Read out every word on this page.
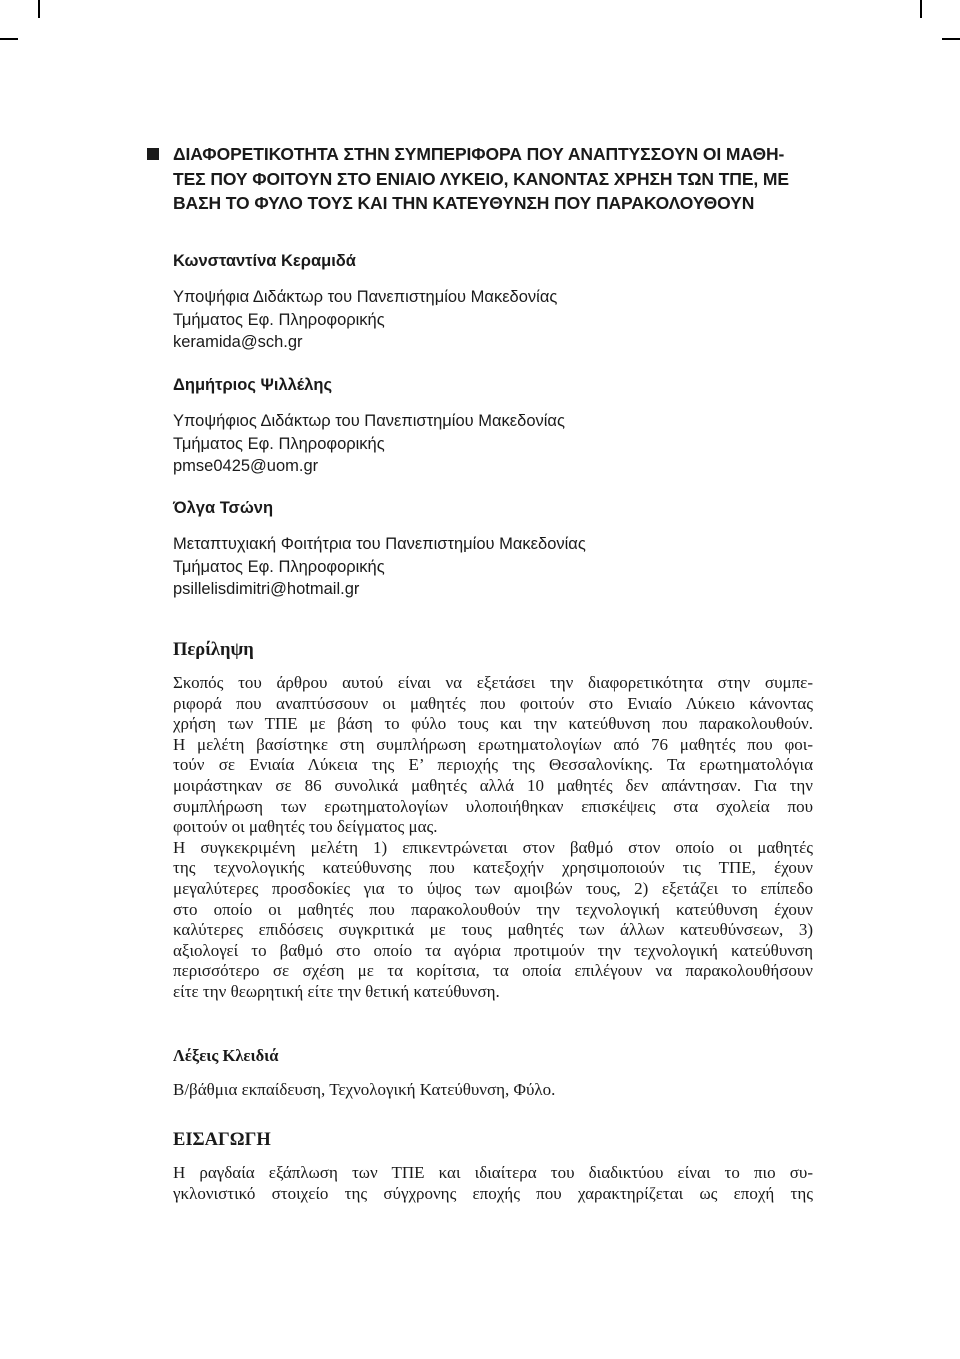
ΔΙΑΦΟΡΕΤΙΚΟΤΗΤΑ ΣΤΗΝ ΣΥΜΠΕΡΙΦΟΡΑ ΠΟΥ ΑΝΑΠΤΥΣΣΟΥΝ ΟΙ ΜΑΘΗ-
ΤΕΣ ΠΟΥ ΦΟΙΤΟΥΝ ΣΤΟ ΕΝΙΑΙΟ ΛΥΚΕΙΟ, ΚΑΝΟΝΤΑΣ ΧΡΗΣΗ ΤΩΝ ΤΠΕ, ΜΕ
ΒΑΣΗ ΤΟ ΦΥΛΟ ΤΟΥΣ ΚΑΙ ΤΗΝ ΚΑΤΕΥΘΥΝΣΗ ΠΟΥ ΠΑΡΑΚΟΛΟΥΘΟΥΝ
Κωνσταντίνα Κεραμιδά
Υποψήφια Διδάκτωρ του Πανεπιστημίου Μακεδονίας
Τμήματος Εφ. Πληροφορικής
keramida@sch.gr
Δημήτριος Ψιλλέλης
Υποψήφιος Διδάκτωρ του Πανεπιστημίου Μακεδονίας
Τμήματος Εφ. Πληροφορικής
pmse0425@uom.gr
Όλγα Τσώνη
Μεταπτυχιακή Φοιτήτρια του Πανεπιστημίου Μακεδονίας
Τμήματος Εφ. Πληροφορικής
psillelisdimitri@hotmail.gr
Περίληψη
Σκοπός του άρθρου αυτού είναι να εξετάσει την διαφορετικότητα στην συμπε-
ριφορά που αναπτύσσουν οι μαθητές που φοιτούν στο Ενιαίο Λύκειο κάνοντας
χρήση των ΤΠΕ με βάση το φύλο τους και την κατεύθυνση που παρακολουθούν.
Η μελέτη βασίστηκε στη συμπλήρωση ερωτηματολογίων από 76 μαθητές που φοι-
τούν σε Ενιαία Λύκεια της Ε’ περιοχής της Θεσσαλονίκης. Τα ερωτηματολόγια
μοιράστηκαν σε 86 συνολικά μαθητές αλλά 10 μαθητές δεν απάντησαν. Για την
συμπλήρωση των ερωτηματολογίων υλοποιήθηκαν επισκέψεις στα σχολεία που
φοιτούν οι μαθητές του δείγματος μας.
Η συγκεκριμένη μελέτη 1) επικεντρώνεται στον βαθμό στον οποίο οι μαθητές
της τεχνολογικής κατεύθυνσης που κατεξοχήν χρησιμοποιούν τις ΤΠΕ, έχουν
μεγαλύτερες προσδοκίες για το ύψος των αμοιβών τους, 2) εξετάζει το επίπεδο
στο οποίο οι μαθητές που παρακολουθούν την τεχνολογική κατεύθυνση έχουν
καλύτερες επιδόσεις συγκριτικά με τους μαθητές των άλλων κατευθύνσεων, 3)
αξιολογεί το βαθμό στο οποίο τα αγόρια προτιμούν την τεχνολογική κατεύθυνση
περισσότερο σε σχέση με τα κορίτσια, τα οποία επιλέγουν να παρακολουθήσουν
είτε την θεωρητική είτε την θετική κατεύθυνση.
Λέξεις Κλειδιά
Β/βάθμια εκπαίδευση, Τεχνολογική Κατεύθυνση, Φύλο.
ΕΙΣΑΓΩΓΗ
Η ραγδαία εξάπλωση των ΤΠΕ και ιδιαίτερα του διαδικτύου είναι το πιο συ-
γκλονιστικό στοιχείο της σύγχρονης εποχής που χαρακτηρίζεται ως εποχή της
